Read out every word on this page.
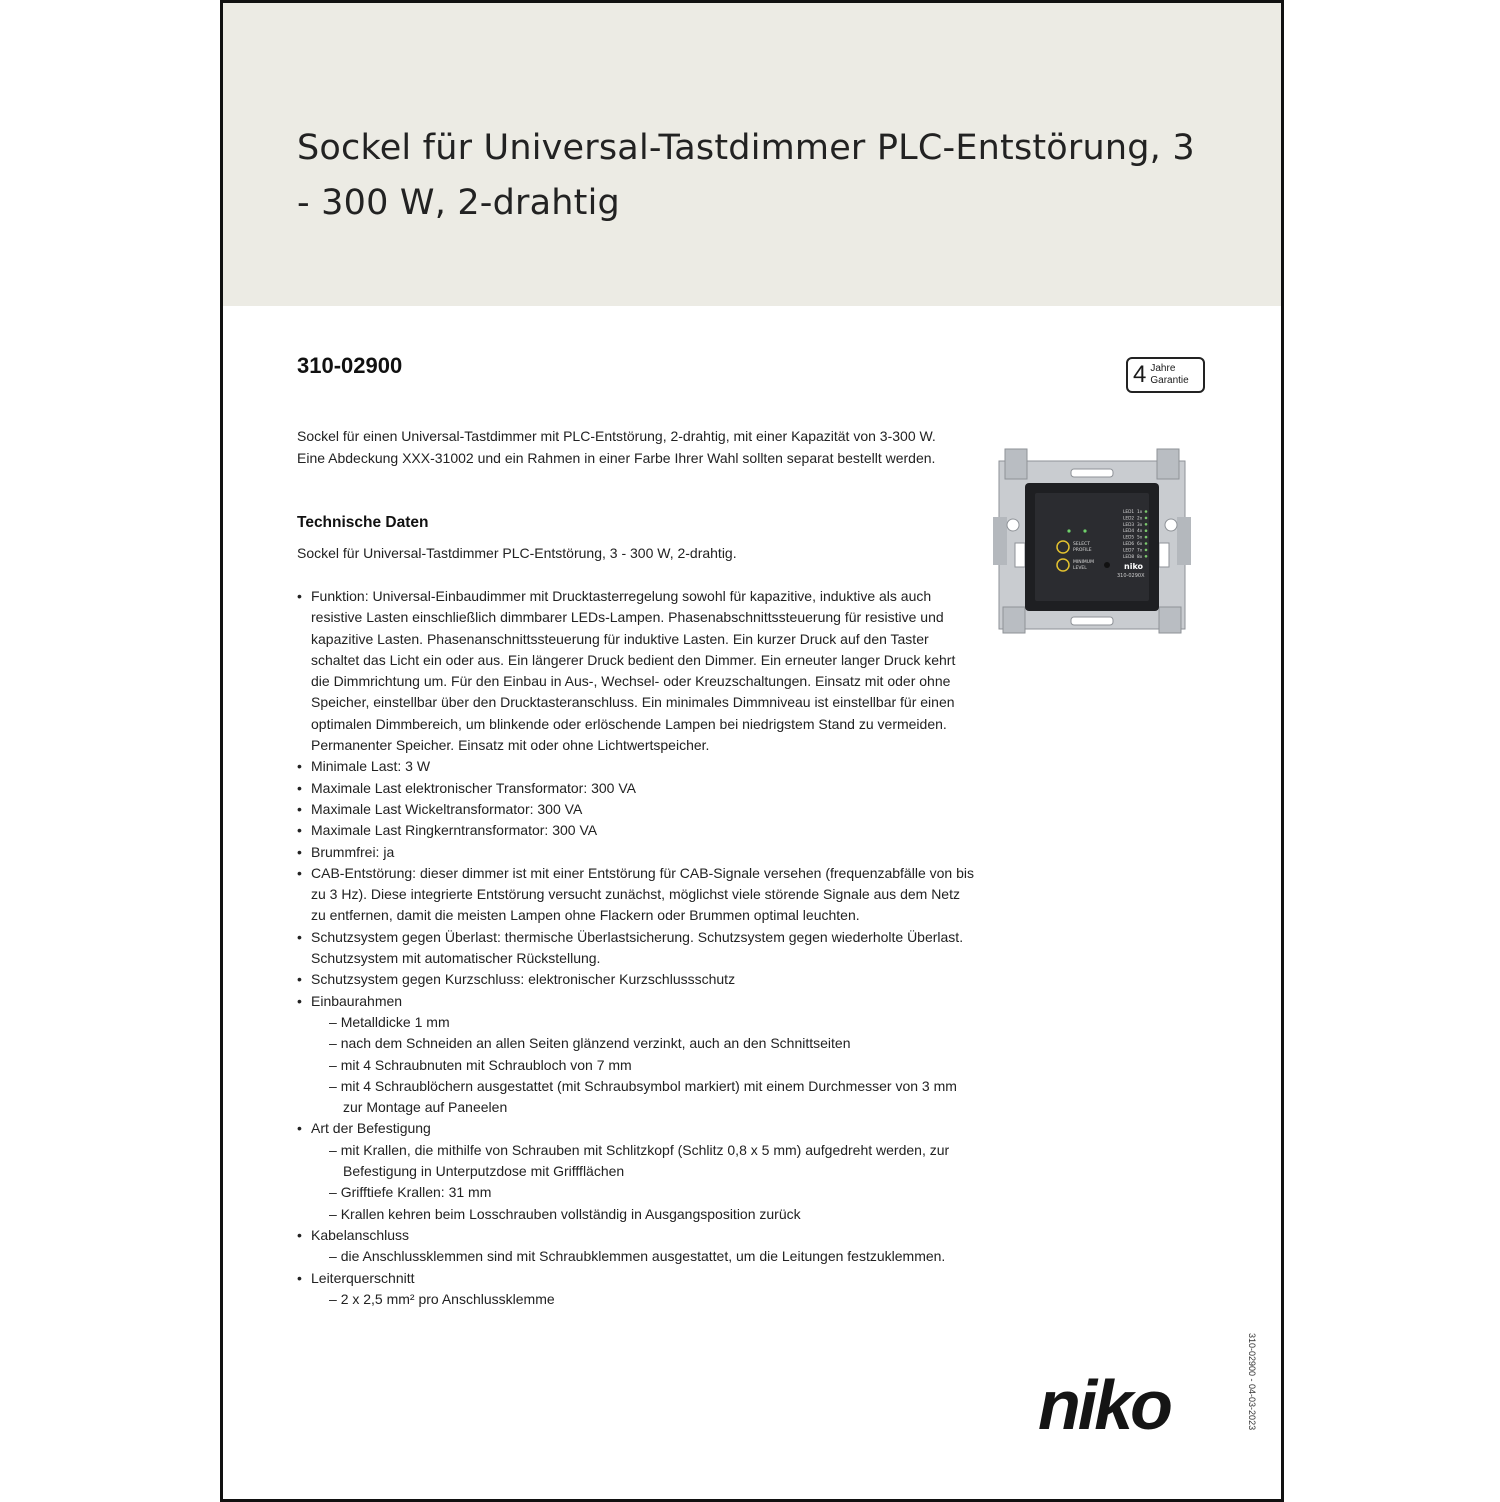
Sockel für Universal-Tastdimmer PLC-Entstörung, 3 - 300 W, 2-drahtig
310-02900	4 Jahre
Garantie

Sockel für einen Universal-Tastdimmer mit PLC-Entstörung, 2-drahtig, mit einer Kapazität von 3-300 W. Eine Abdeckung XXX-31002 und ein Rahmen in einer Farbe Ihrer Wahl sollten separat bestellt werden.

Technische Daten

Sockel für Universal-Tastdimmer PLC-Entstörung, 3 - 300 W, 2-drahtig.

• Funktion: Universal-Einbaudimmer mit Drucktasterregelung sowohl für kapazitive, induktive als auch resistive Lasten einschließlich dimmbarer LEDs-Lampen. Phasenabschnittssteuerung für resistive und kapazitive Lasten. Phasenanschnittssteuerung für induktive Lasten. Ein kurzer Druck auf den Taster schaltet das Licht ein oder aus. Ein längerer Druck bedient den Dimmer. Ein erneuter langer Druck kehrt die Dimmrichtung um. Für den Einbau in Aus-, Wechsel- oder Kreuzschaltungen. Einsatz mit oder ohne Speicher, einstellbar über den Drucktasteranschluss. Ein minimales Dimmniveau ist einstellbar für einen optimalen Dimmbereich, um blinkende oder erlöschende Lampen bei niedrigstem Stand zu vermeiden. Permanenter Speicher. Einsatz mit oder ohne Lichtwertspeicher.
• Minimale Last: 3 W
• Maximale Last elektronischer Transformator: 300 VA
• Maximale Last Wickeltransformator: 300 VA
• Maximale Last Ringkerntransformator: 300 VA
• Brummfrei: ja
• CAB-Entstörung: dieser dimmer ist mit einer Entstörung für CAB-Signale versehen (frequenzabfälle von bis zu 3 Hz). Diese integrierte Entstörung versucht zunächst, möglichst viele störende Signale aus dem Netz zu entfernen, damit die meisten Lampen ohne Flackern oder Brummen optimal leuchten.
• Schutzsystem gegen Überlast: thermische Überlastsicherung. Schutzsystem gegen wiederholte Überlast. Schutzsystem mit automatischer Rückstellung.
• Schutzsystem gegen Kurzschluss: elektronischer Kurzschlussschutz
• Einbaurahmen
– Metalldicke 1 mm
– nach dem Schneiden an allen Seiten glänzend verzinkt, auch an den Schnittseiten
– mit 4 Schraubnuten mit Schraubloch von 7 mm
– mit 4 Schraublöchern ausgestattet (mit Schraubsymbol markiert) mit einem Durchmesser von 3 mm zur Montage auf Paneelen
• Art der Befestigung
– mit Krallen, die mithilfe von Schrauben mit Schlitzkopf (Schlitz 0,8 x 5 mm) aufgedreht werden, zur Befestigung in Unterputzdose mit Griffflächen
– Grifftiefe Krallen: 31 mm
– Krallen kehren beim Losschrauben vollständig in Ausgangsposition zurück
• Kabelanschluss
– die Anschlussklemmen sind mit Schraubklemmen ausgestattet, um die Leitungen festzuklemmen.
• Leiterquerschnitt
– 2 x 2,5 mm² pro Anschlussklemme
LED1 1x
LED2 2x
LED3 3x
LED4 4x
LED5 5x
LED6 6x
LED7 7x
LED8 8x
SELECT
PROFILE
MINIMUM
LEVEL	niko
310-0290X
niko	310-02900 - 04-03-2023
